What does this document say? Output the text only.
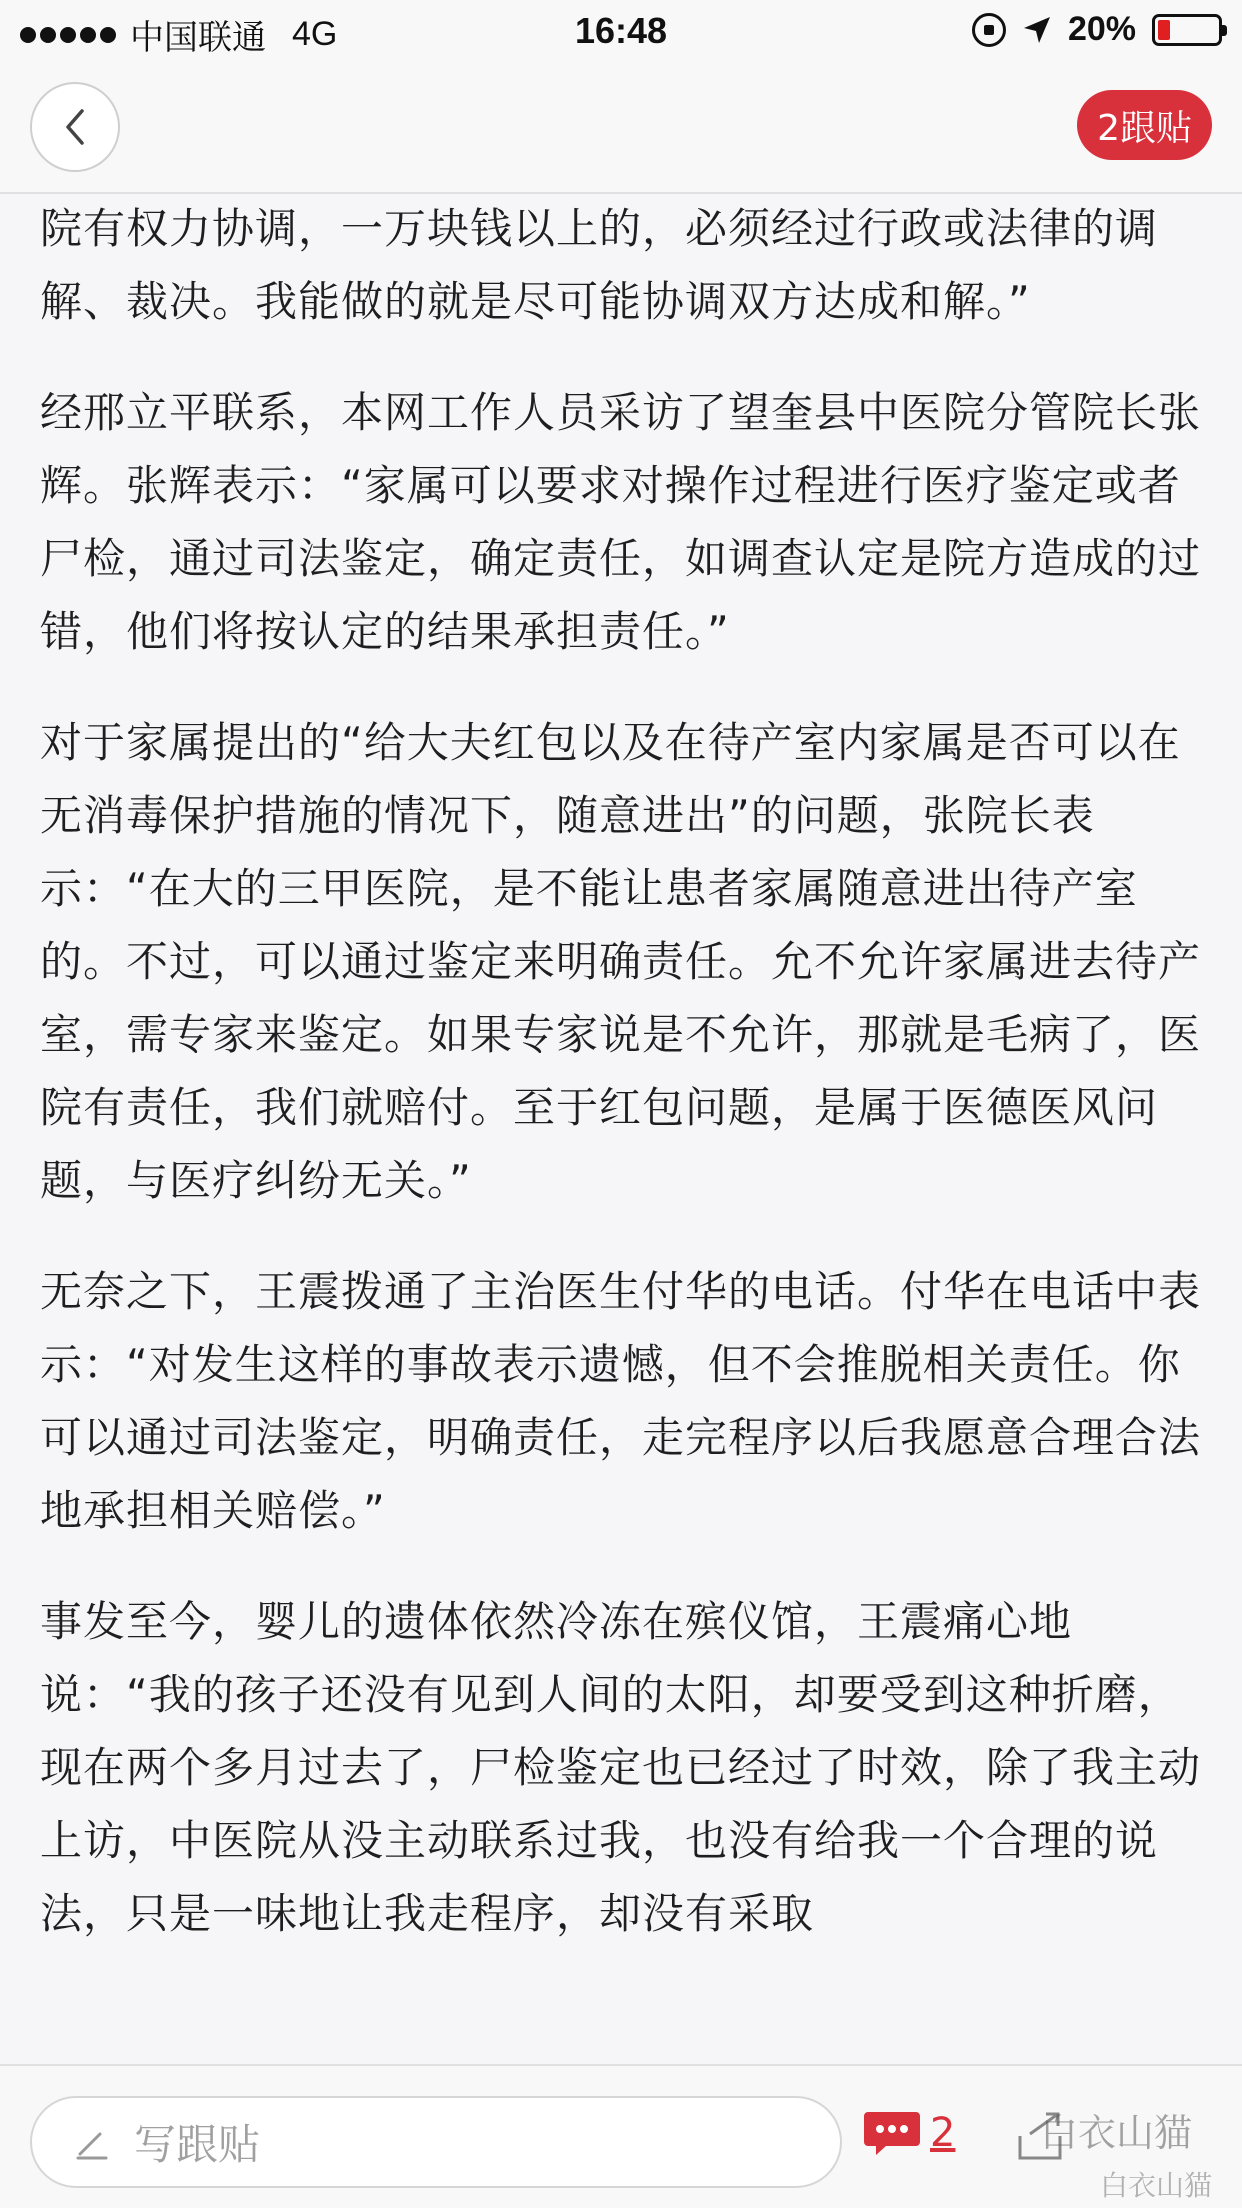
中国联通 4G	16:48	20%
2跟贴

院有权力协调，一万块钱以上的，必须经过行政或法律的调解、裁决。我能做的就是尽可能协调双方达成和解。”

经邢立平联系，本网工作人员采访了望奎县中医院分管院长张辉。张辉表示：“家属可以要求对操作过程进行医疗鉴定或者尸检，通过司法鉴定，确定责任，如调查认定是院方造成的过错，他们将按认定的结果承担责任。”

对于家属提出的“给大夫红包以及在待产室内家属是否可以在无消毒保护措施的情况下，随意进出”的问题，张院长表示：“在大的三甲医院，是不能让患者家属随意进出待产室的。不过，可以通过鉴定来明确责任。允不允许家属进去待产室，需专家来鉴定。如果专家说是不允许，那就是毛病了，医院有责任，我们就赔付。至于红包问题，是属于医德医风问题，与医疗纠纷无关。”

无奈之下，王震拨通了主治医生付华的电话。付华在电话中表示：“对发生这样的事故表示遗憾，但不会推脱相关责任。你可以通过司法鉴定，明确责任，走完程序以后我愿意合理合法地承担相关赔偿。”

事发至今，婴儿的遗体依然冷冻在殡仪馆，王震痛心地说：“我的孩子还没有见到人间的太阳，却要受到这种折磨，现在两个多月过去了，尸检鉴定也已经过了时效，除了我主动上访，中医院从没主动联系过我，也没有给我一个合理的说法，只是一味地让我走程序，却没有采取

写跟贴	2 白衣山猫
白衣山猫
